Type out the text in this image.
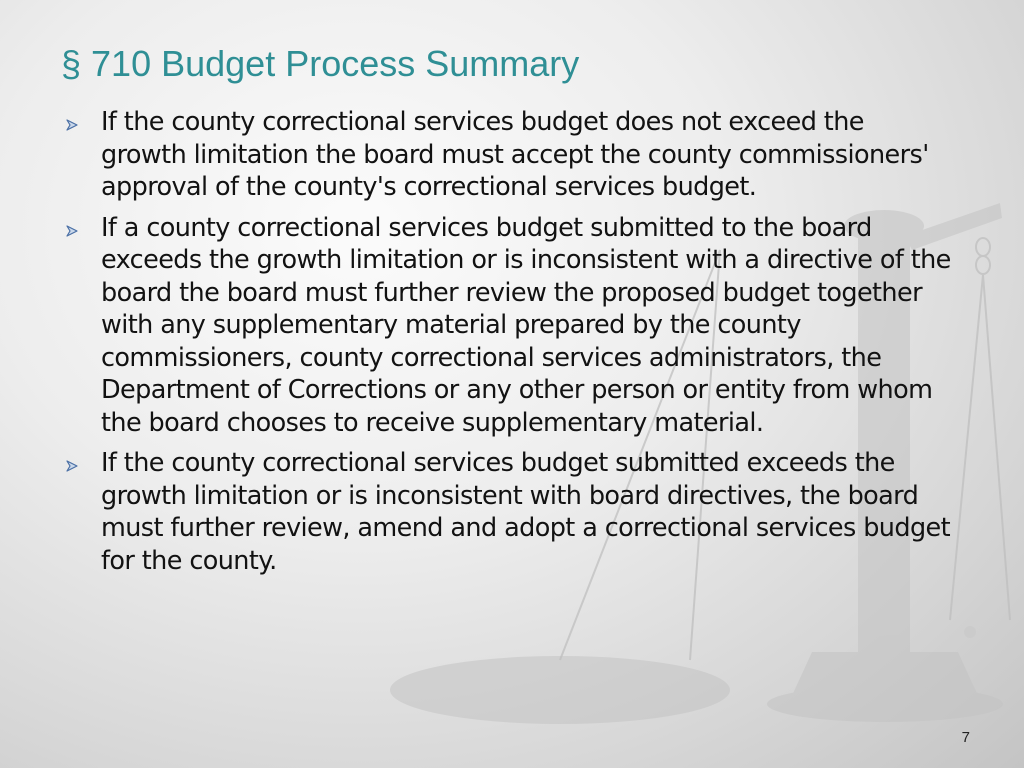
§ 710 Budget Process Summary
If the county correctional services budget does not exceed the growth limitation the board must accept the county commissioners' approval of the county's correctional services budget.
If a county correctional services budget submitted to the board exceeds the growth limitation or is inconsistent with a directive of the board the board must further review the proposed budget together with any supplementary material prepared by the county commissioners, county correctional services administrators, the Department of Corrections or any other person or entity from whom the board chooses to receive supplementary material.
If the county correctional services budget submitted exceeds the growth limitation or is inconsistent with board directives, the board must further review, amend and adopt a correctional services budget for the county.
7
